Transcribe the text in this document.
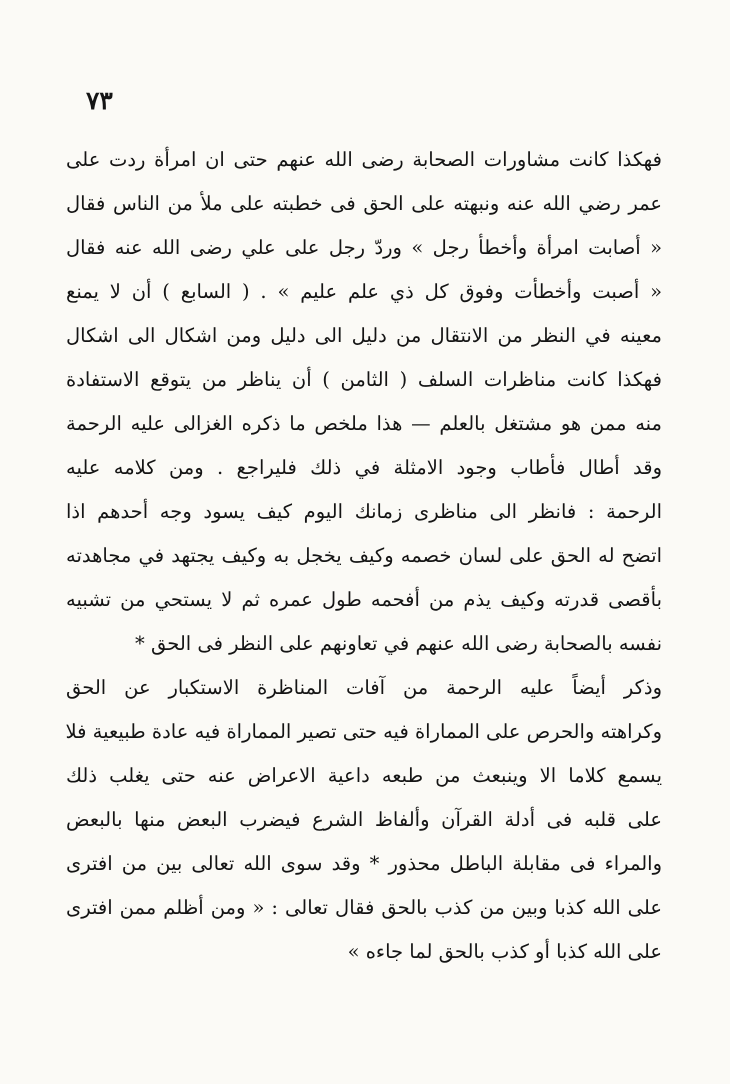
٧٣
فهكذا كانت مشاورات الصحابة رضى الله عنهم حتى ان امرأة ردت على
عمر رضي الله عنه ونبهته على الحق فى خطبته على ملأ من الناس فقال
« أصابت امرأة وأخطأ رجل » وردّ رجل على علي رضى الله عنه فقال
« أصبت وأخطأت وفوق كل ذي علم عليم » . ( السابع ) أن لا يمنع
معينه في النظر من الانتقال من دليل الى دليل ومن اشكال الى اشكال
فهكذا كانت مناظرات السلف ( الثامن ) أن يناظر من يتوقع الاستفادة
منه ممن هو مشتغل بالعلم — هذا ملخص ما ذكره الغزالى عليه الرحمة
وقد أطال فأطاب وجود الامثلة في ذلك فليراجع . ومن كلامه عليه
الرحمة : فانظر الى مناظرى زمانك اليوم كيف يسود وجه أحدهم اذا
اتضح له الحق على لسان خصمه وكيف يخجل به وكيف يجتهد في مجاهدته
بأقصى قدرته وكيف يذم من أفحمه طول عمره ثم لا يستحي من تشبيه
نفسه بالصحابة رضى الله عنهم في تعاونهم على النظر فى الحق *
وذكر أيضاً عليه الرحمة من آفات المناظرة الاستكبار عن الحق
وكراهته والحرص على المماراة فيه حتى تصير المماراة فيه عادة طبيعية فلا
يسمع كلاما الا وينبعث من طبعه داعية الاعراض عنه حتى يغلب ذلك
على قلبه فى أدلة القرآن وألفاظ الشرع فيضرب البعض منها بالبعض
والمراء فى مقابلة الباطل محذور * وقد سوى الله تعالى بين من افترى
على الله كذبا وبين من كذب بالحق فقال تعالى : « ومن أظلم ممن افترى
على الله كذبا أو كذب بالحق لما جاءه »
